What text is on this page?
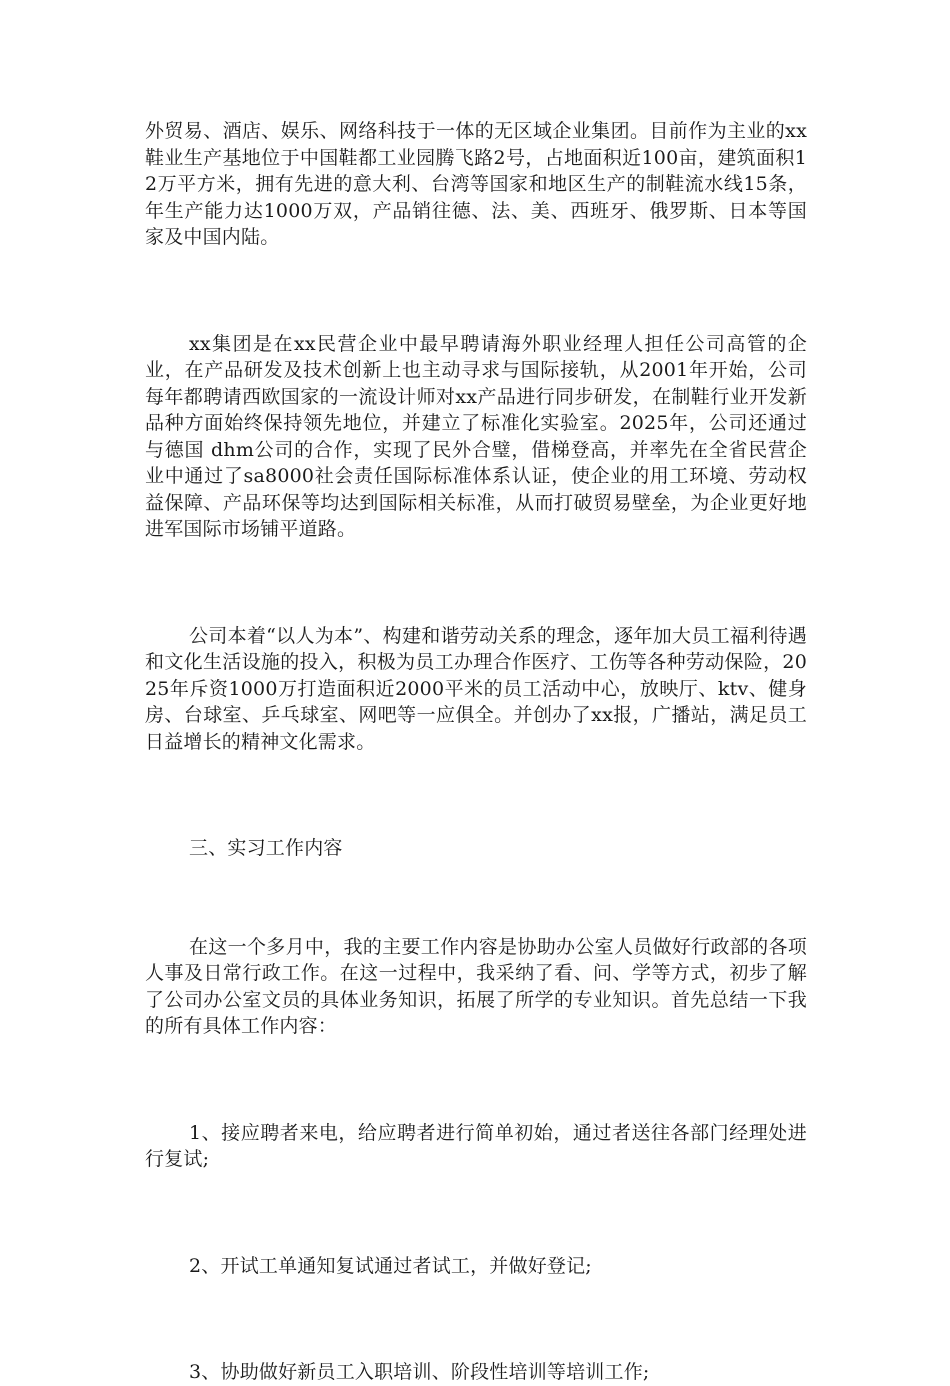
外贸易、酒店、娱乐、网络科技于一体的无区域企业集团。目前作为主业的xx鞋业生产基地位于中国鞋都工业园腾飞路2号，占地面积近100亩，建筑面积12万平方米，拥有先进的意大利、台湾等国家和地区生产的制鞋流水线15条，年生产能力达1000万双，产品销往德、法、美、西班牙、俄罗斯、日本等国家及中国内陆。

xx集团是在xx民营企业中最早聘请海外职业经理人担任公司高管的企业，在产品研发及技术创新上也主动寻求与国际接轨，从2001年开始，公司每年都聘请西欧国家的一流设计师对xx产品进行同步研发，在制鞋行业开发新品种方面始终保持领先地位，并建立了标准化实验室。2025年，公司还通过与德国 dhm公司的合作，实现了民外合璧，借梯登高，并率先在全省民营企业中通过了sa8000社会责任国际标准体系认证，使企业的用工环境、劳动权益保障、产品环保等均达到国际相关标准，从而打破贸易壁垒，为企业更好地进军国际市场铺平道路。

公司本着“以人为本”、构建和谐劳动关系的理念，逐年加大员工福利待遇和文化生活设施的投入，积极为员工办理合作医疗、工伤等各种劳动保险，2025年斥资1000万打造面积近2000平米的员工活动中心，放映厅、ktv、健身房、台球室、乒乓球室、网吧等一应俱全。并创办了xx报，广播站，满足员工日益增长的精神文化需求。

三、实习工作内容

在这一个多月中，我的主要工作内容是协助办公室人员做好行政部的各项人事及日常行政工作。在这一过程中，我采纳了看、问、学等方式，初步了解了公司办公室文员的具体业务知识，拓展了所学的专业知识。首先总结一下我的所有具体工作内容：

1、接应聘者来电，给应聘者进行简单初始，通过者送往各部门经理处进行复试;

2、开试工单通知复试通过者试工，并做好登记;

3、协助做好新员工入职培训、阶段性培训等培训工作;
